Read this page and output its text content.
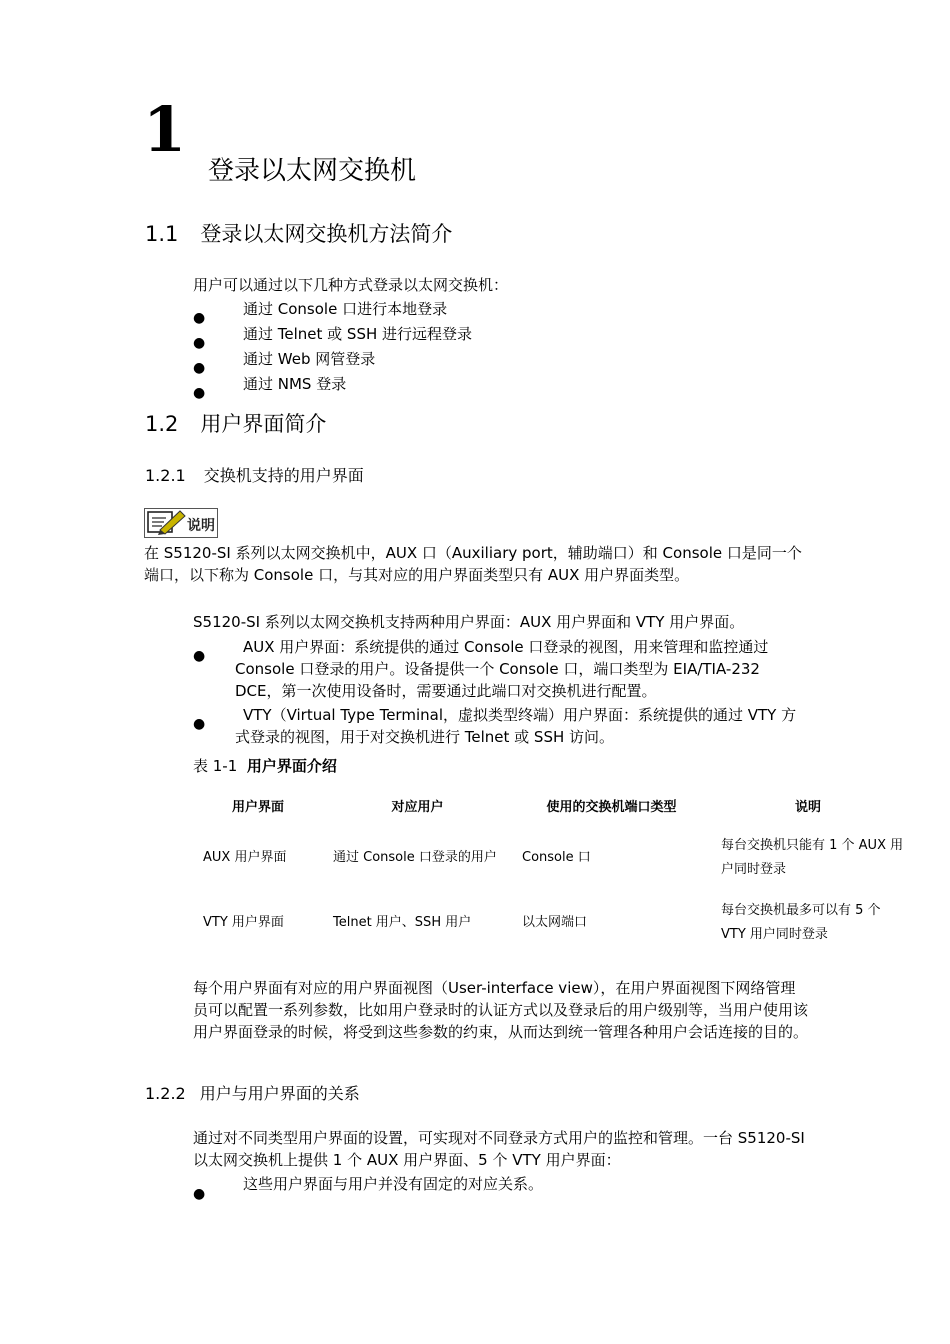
1
登录以太网交换机
1.1 登录以太网交换机方法简介
用户可以通过以下几种方式登录以太网交换机：
●	通过 Console 口进行本地登录
●	通过 Telnet 或 SSH 进行远程登录
●	通过 Web 网管登录
●	通过 NMS 登录
1.2 用户界面简介
1.2.1 交换机支持的用户界面
说明
在 S5120-SI 系列以太网交换机中，AUX 口（Auxiliary port，辅助端口）和 Console 口是同一个端口，以下称为 Console 口，与其对应的用户界面类型只有 AUX 用户界面类型。
S5120-SI 系列以太网交换机支持两种用户界面：AUX 用户界面和 VTY 用户界面。
●	AUX 用户界面：系统提供的通过 Console 口登录的视图，用来管理和监控通过 Console 口登录的用户。设备提供一个 Console 口，端口类型为 EIA/TIA-232 DCE，第一次使用设备时，需要通过此端口对交换机进行配置。
●	VTY（Virtual Type Terminal，虚拟类型终端）用户界面：系统提供的通过 VTY 方式登录的视图，用于对交换机进行 Telnet 或 SSH 访问。
表 1-1 用户界面介绍
用户界面	对应用户	使用的交换机端口类型	说明
AUX 用户界面	通过 Console 口登录的用户	Console 口	每台交换机只能有 1 个 AUX 用户同时登录
VTY 用户界面	Telnet 用户、SSH 用户	以太网端口	每台交换机最多可以有 5 个 VTY 用户同时登录
每个用户界面有对应的用户界面视图（User-interface view），在用户界面视图下网络管理员可以配置一系列参数，比如用户登录时的认证方式以及登录后的用户级别等，当用户使用该用户界面登录的时候，将受到这些参数的约束，从而达到统一管理各种用户会话连接的目的。
1.2.2 用户与用户界面的关系
通过对不同类型用户界面的设置，可实现对不同登录方式用户的监控和管理。一台 S5120-SI 以太网交换机上提供 1 个 AUX 用户界面、5 个 VTY 用户界面：
●
这些用户界面与用户并没有固定的对应关系。
